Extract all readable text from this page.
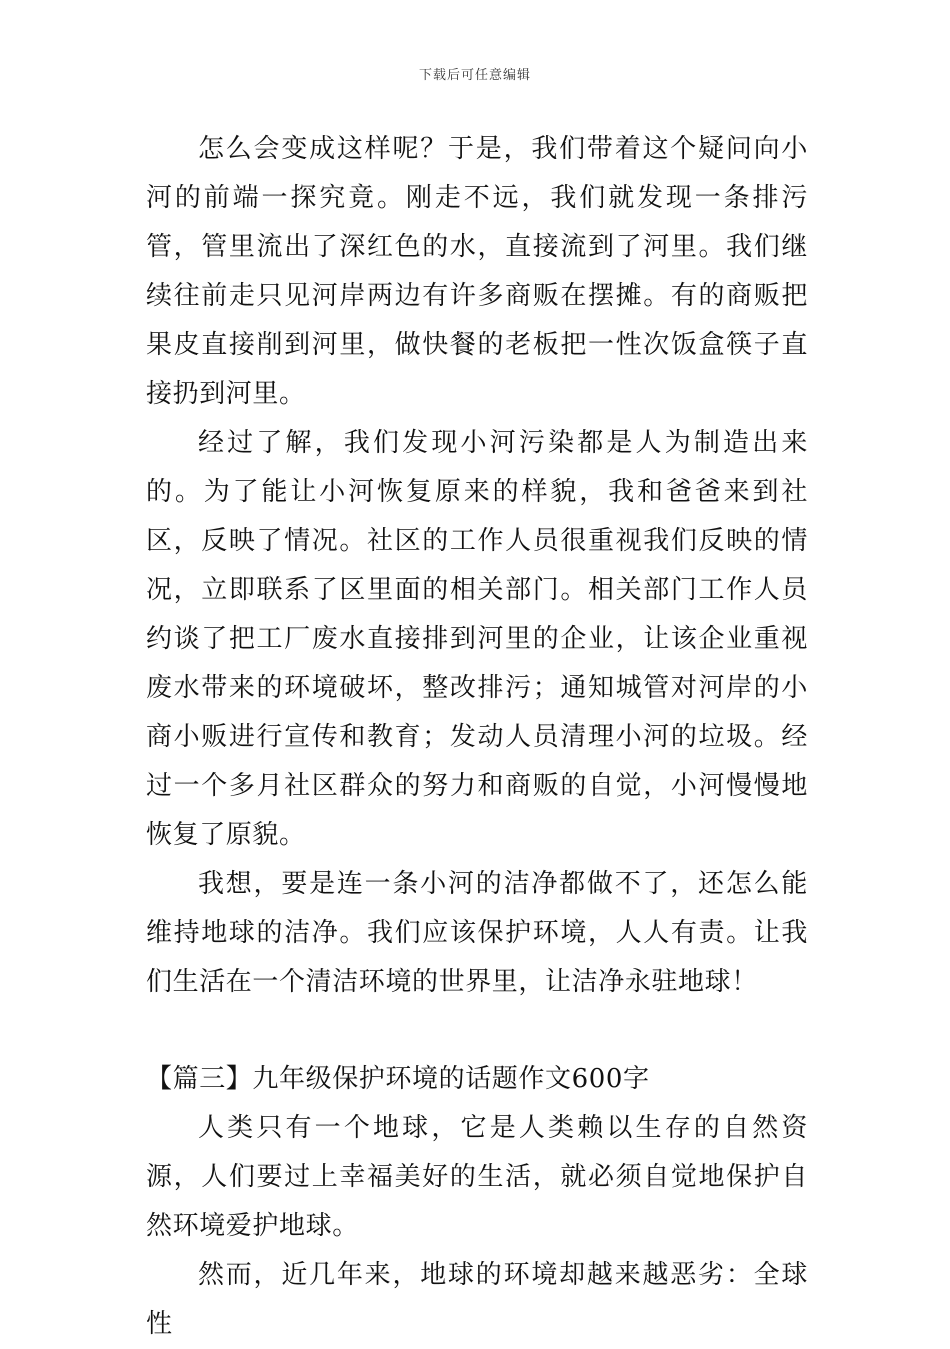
下载后可任意编辑

怎么会变成这样呢？于是，我们带着这个疑问向小河的前端一探究竟。刚走不远，我们就发现一条排污管，管里流出了深红色的水，直接流到了河里。我们继续往前走只见河岸两边有许多商贩在摆摊。有的商贩把果皮直接削到河里，做快餐的老板把一性次饭盒筷子直接扔到河里。

经过了解，我们发现小河污染都是人为制造出来的。为了能让小河恢复原来的样貌，我和爸爸来到社区，反映了情况。社区的工作人员很重视我们反映的情况，立即联系了区里面的相关部门。相关部门工作人员约谈了把工厂废水直接排到河里的企业，让该企业重视废水带来的环境破坏，整改排污；通知城管对河岸的小商小贩进行宣传和教育；发动人员清理小河的垃圾。经过一个多月社区群众的努力和商贩的自觉，小河慢慢地恢复了原貌。

我想，要是连一条小河的洁净都做不了，还怎么能维持地球的洁净。我们应该保护环境，人人有责。让我们生活在一个清洁环境的世界里，让洁净永驻地球！

【篇三】九年级保护环境的话题作文600字

人类只有一个地球，它是人类赖以生存的自然资源，人们要过上幸福美好的生活，就必须自觉地保护自然环境爱护地球。

然而，近几年来，地球的环境却越来越恶劣：全球性
